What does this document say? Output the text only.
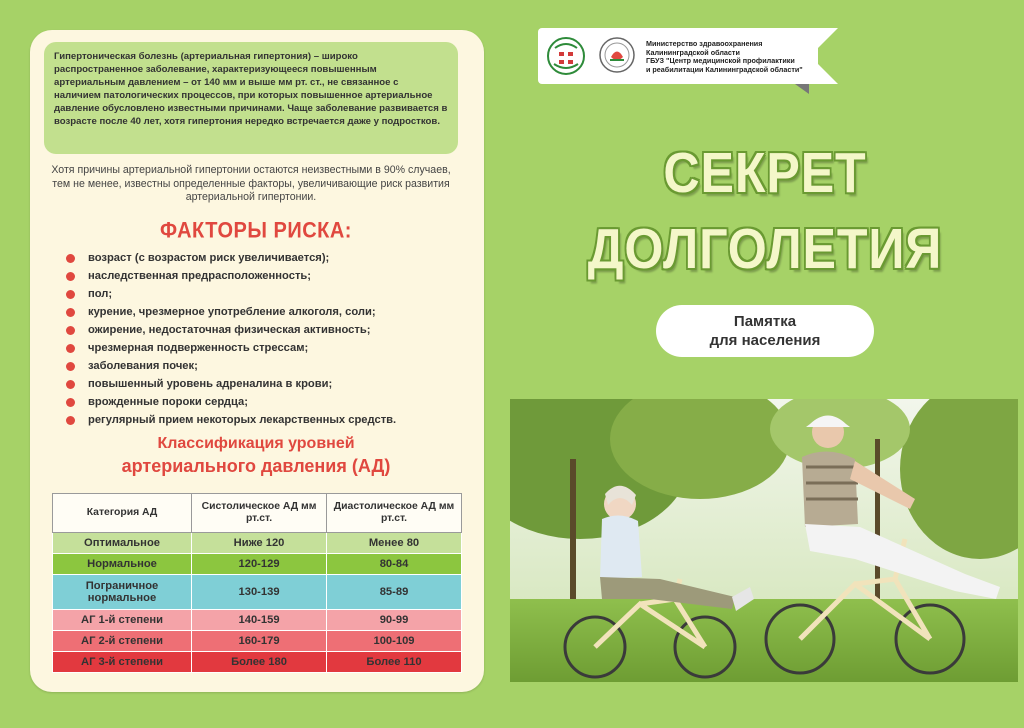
Гипертоническая болезнь (артериальная гипертония) – широко распространенное заболевание, характеризующееся повышенным артериальным давлением – от 140 мм и выше мм рт. ст., не связанное с наличием патологических процессов, при которых повышенное артериальное давление обусловлено известными причинами. Чаще заболевание развивается в возрасте после 40 лет, хотя гипертония нередко встречается даже у подростков.

Хотя причины артериальной гипертонии остаются неизвестными в 90% случаев, тем не менее, известны определенные факторы, увеличивающие риск развития артериальной гипертонии.
ФАКТОРЫ РИСКА:
возраст (с возрастом риск увеличивается);
наследственная предрасположенность;
пол;
курение, чрезмерное употребление алкоголя, соли;
ожирение, недостаточная физическая активность;
чрезмерная подверженность стрессам;
заболевания почек;
повышенный уровень адреналина в крови;
врожденные пороки сердца;
регулярный прием некоторых лекарственных средств.
Классификация уровней
артериального давления (АД)
Категория АД	Систолическое АД мм рт.ст.	Диастолическое АД мм рт.ст.
Оптимальное	Ниже 120	Менее 80
Нормальное	120-129	80-84
Пограничное нормальное	130-139	85-89
АГ 1-й степени	140-159	90-99
АГ 2-й степени	160-179	100-109
АГ 3-й степени	Более 180	Более 110
Министерство здравоохранения
Калининградской области
ГБУЗ "Центр медицинской профилактики
и реабилитации Калининградской области"
СЕКРЕТ
ДОЛГОЛЕТИЯ
Памятка
для населения
